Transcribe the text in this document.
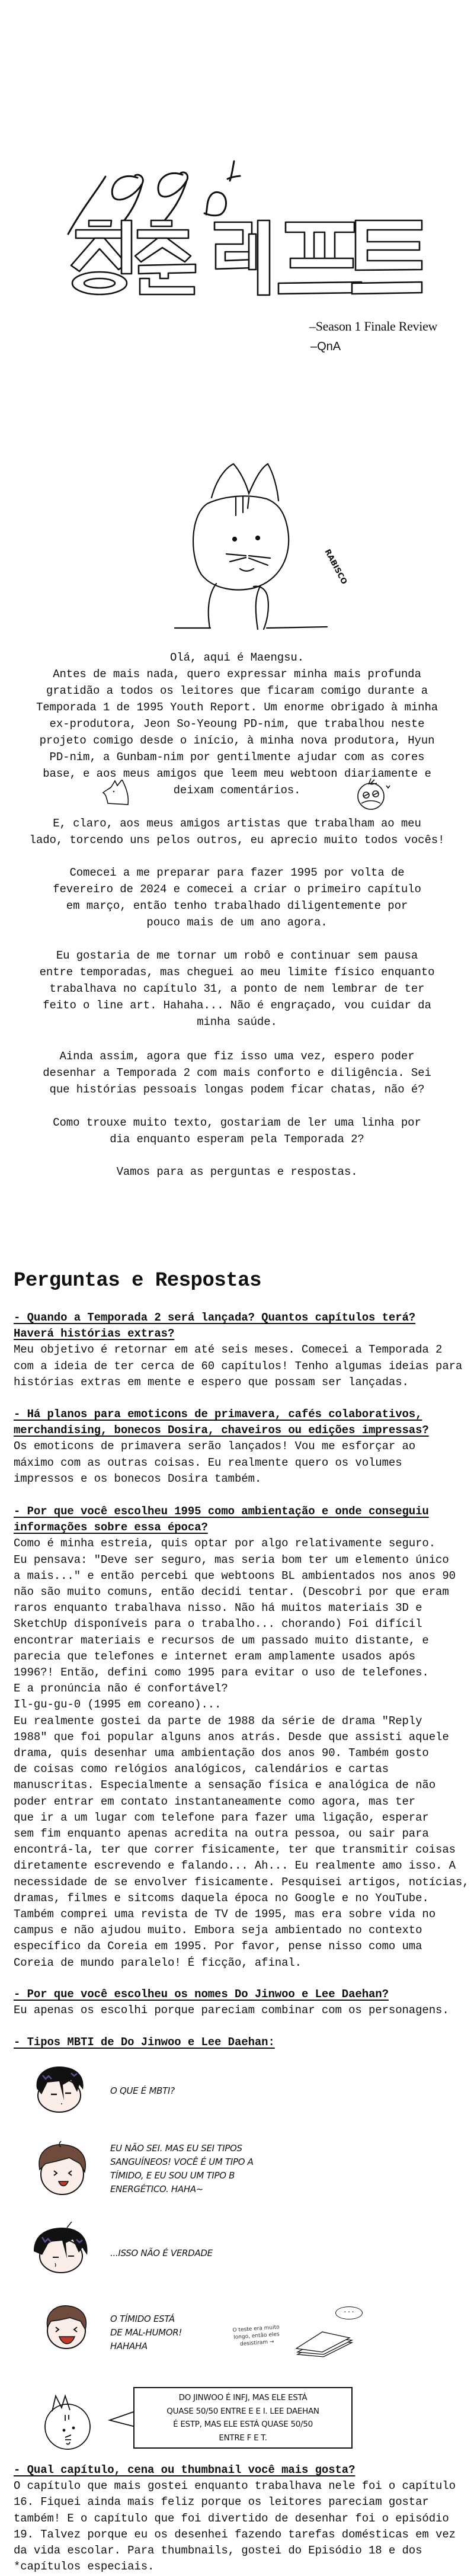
–Season 1 Finale Review
–QnA
RABISCO
Olá, aqui é Maengsu.
Antes de mais nada, quero expressar minha mais profunda
gratidão a todos os leitores que ficaram comigo durante a
Temporada 1 de 1995 Youth Report. Um enorme obrigado à minha
ex-produtora, Jeon So-Yeoung PD-nim, que trabalhou neste
projeto comigo desde o início, à minha nova produtora, Hyun
PD-nim, a Gunbam-nim por gentilmente ajudar com as cores
base, e aos meus amigos que leem meu webtoon diariamente e
deixam comentários.
E, claro, aos meus amigos artistas que trabalham ao meu
lado, torcendo uns pelos outros, eu aprecio muito todos vocês!
Comecei a me preparar para fazer 1995 por volta de
fevereiro de 2024 e comecei a criar o primeiro capítulo
em março, então tenho trabalhado diligentemente por
pouco mais de um ano agora.
Eu gostaria de me tornar um robô e continuar sem pausa
entre temporadas, mas cheguei ao meu limite físico enquanto
trabalhava no capítulo 31, a ponto de nem lembrar de ter
feito o line art. Hahaha... Não é engraçado, vou cuidar da
minha saúde.
Ainda assim, agora que fiz isso uma vez, espero poder
desenhar a Temporada 2 com mais conforto e diligência. Sei
que histórias pessoais longas podem ficar chatas, não é?
Como trouxe muito texto, gostariam de ler uma linha por
dia enquanto esperam pela Temporada 2?
Vamos para as perguntas e respostas.
Perguntas e Respostas
- Quando a Temporada 2 será lançada? Quantos capítulos terá?
Haverá histórias extras?
Meu objetivo é retornar em até seis meses. Comecei a Temporada 2
com a ideia de ter cerca de 60 capítulos! Tenho algumas ideias para
histórias extras em mente e espero que possam ser lançadas.
- Há planos para emoticons de primavera, cafés colaborativos,
merchandising, bonecos Dosira, chaveiros ou edições impressas?
Os emoticons de primavera serão lançados! Vou me esforçar ao
máximo com as outras coisas. Eu realmente quero os volumes
impressos e os bonecos Dosira também.
- Por que você escolheu 1995 como ambientação e onde conseguiu
informações sobre essa época?
Como é minha estreia, quis optar por algo relativamente seguro.
Eu pensava: "Deve ser seguro, mas seria bom ter um elemento único
a mais..." e então percebi que webtoons BL ambientados nos anos 90
não são muito comuns, então decidi tentar. (Descobri por que eram
raros enquanto trabalhava nisso. Não há muitos materiais 3D e
SketchUp disponíveis para o trabalho... chorando) Foi difícil
encontrar materiais e recursos de um passado muito distante, e
parecia que telefones e internet eram amplamente usados após
1996?! Então, defini como 1995 para evitar o uso de telefones.
E a pronúncia não é confortável?
Il-gu-gu-0 (1995 em coreano)...
Eu realmente gostei da parte de 1988 da série de drama "Reply
1988" que foi popular alguns anos atrás. Desde que assisti aquele
drama, quis desenhar uma ambientação dos anos 90. Também gosto
de coisas como relógios analógicos, calendários e cartas
manuscritas. Especialmente a sensação física e analógica de não
poder entrar em contato instantaneamente como agora, mas ter
que ir a um lugar com telefone para fazer uma ligação, esperar
sem fim enquanto apenas acredita na outra pessoa, ou sair para
encontrá-la, ter que correr fisicamente, ter que transmitir coisas
diretamente escrevendo e falando... Ah... Eu realmente amo isso. A
necessidade de se envolver fisicamente. Pesquisei artigos, notícias,
dramas, filmes e sitcoms daquela época no Google e no YouTube.
Também comprei uma revista de TV de 1995, mas era sobre vida no
campus e não ajudou muito. Embora seja ambientado no contexto
específico da Coreia em 1995. Por favor, pense nisso como uma
Coreia de mundo paralelo! É ficção, afinal.
- Por que você escolheu os nomes Do Jinwoo e Lee Daehan?
Eu apenas os escolhi porque pareciam combinar com os personagens.
- Tipos MBTI de Do Jinwoo e Lee Daehan:
O QUE É MBTI?
EU NÃO SEI. MAS EU SEI TIPOS
SANGUÍNEOS! VOCÊ É UM TIPO A
TÍMIDO, E EU SOU UM TIPO B
ENERGÉTICO. HAHA~
...ISSO NÃO É VERDADE
O TÍMIDO ESTÁ
DE MAL-HUMOR!
HAHAHA
O teste era muito
longo, então eles
desistiram →
...
DO JINWOO É INFJ, MAS ELE ESTÁ
QUASE 50/50 ENTRE E E I. LEE DAEHAN
É ESTP, MAS ELE ESTÁ QUASE 50/50
ENTRE F E T.
- Qual capítulo, cena ou thumbnail você mais gosta?
O capítulo que mais gostei enquanto trabalhava nele foi o capítulo
16. Fiquei ainda mais feliz porque os leitores pareciam gostar
também! E o capítulo que foi divertido de desenhar foi o episódio
19. Talvez porque eu os desenhei fazendo tarefas domésticas em vez
da vida escolar. Para thumbnails, gostei do Episódio 18 e dos
*capítulos especiais.
